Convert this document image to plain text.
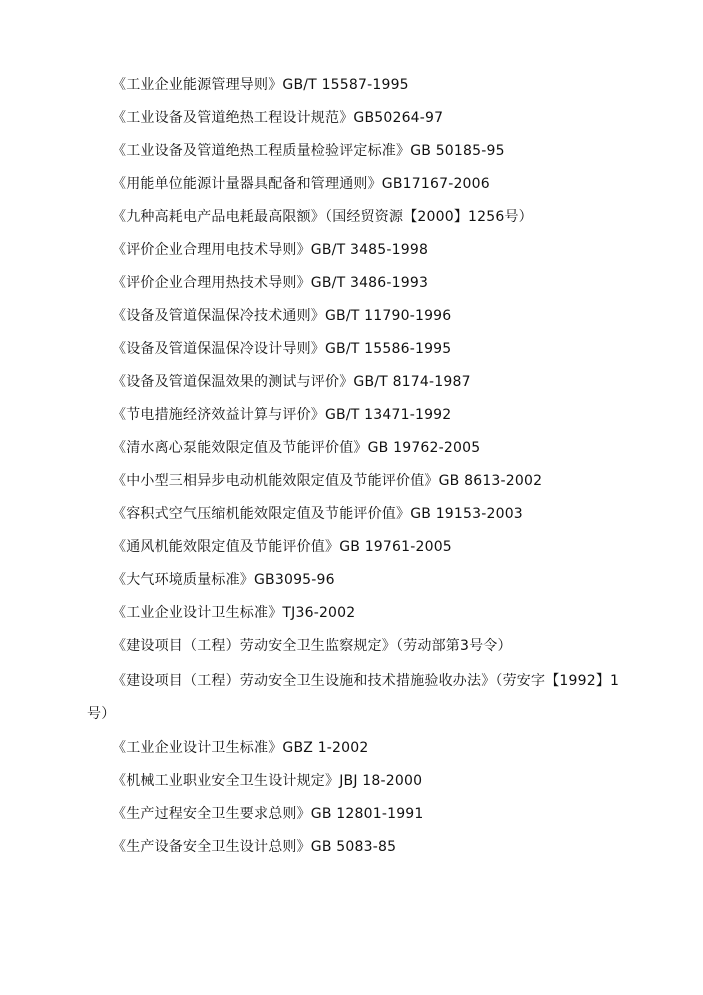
《工业企业能源管理导则》GB/T 15587-1995
《工业设备及管道绝热工程设计规范》GB50264-97
《工业设备及管道绝热工程质量检验评定标准》GB 50185-95
《用能单位能源计量器具配备和管理通则》GB17167-2006
《九种高耗电产品电耗最高限额》（国经贸资源【2000】1256号）
《评价企业合理用电技术导则》GB/T 3485-1998
《评价企业合理用热技术导则》GB/T 3486-1993
《设备及管道保温保冷技术通则》GB/T 11790-1996
《设备及管道保温保冷设计导则》GB/T 15586-1995
《设备及管道保温效果的测试与评价》GB/T 8174-1987
《节电措施经济效益计算与评价》GB/T 13471-1992
《清水离心泵能效限定值及节能评价值》GB 19762-2005
《中小型三相异步电动机能效限定值及节能评价值》GB 8613-2002
《容积式空气压缩机能效限定值及节能评价值》GB 19153-2003
《通风机能效限定值及节能评价值》GB 19761-2005
《大气环境质量标准》GB3095-96
《工业企业设计卫生标准》TJ36-2002
《建设项目（工程）劳动安全卫生监察规定》（劳动部第3号令）
《建设项目（工程）劳动安全卫生设施和技术措施验收办法》（劳安字【1992】1号）
《工业企业设计卫生标准》GBZ 1-2002
《机械工业职业安全卫生设计规定》JBJ 18-2000
《生产过程安全卫生要求总则》GB 12801-1991
《生产设备安全卫生设计总则》GB 5083-85
